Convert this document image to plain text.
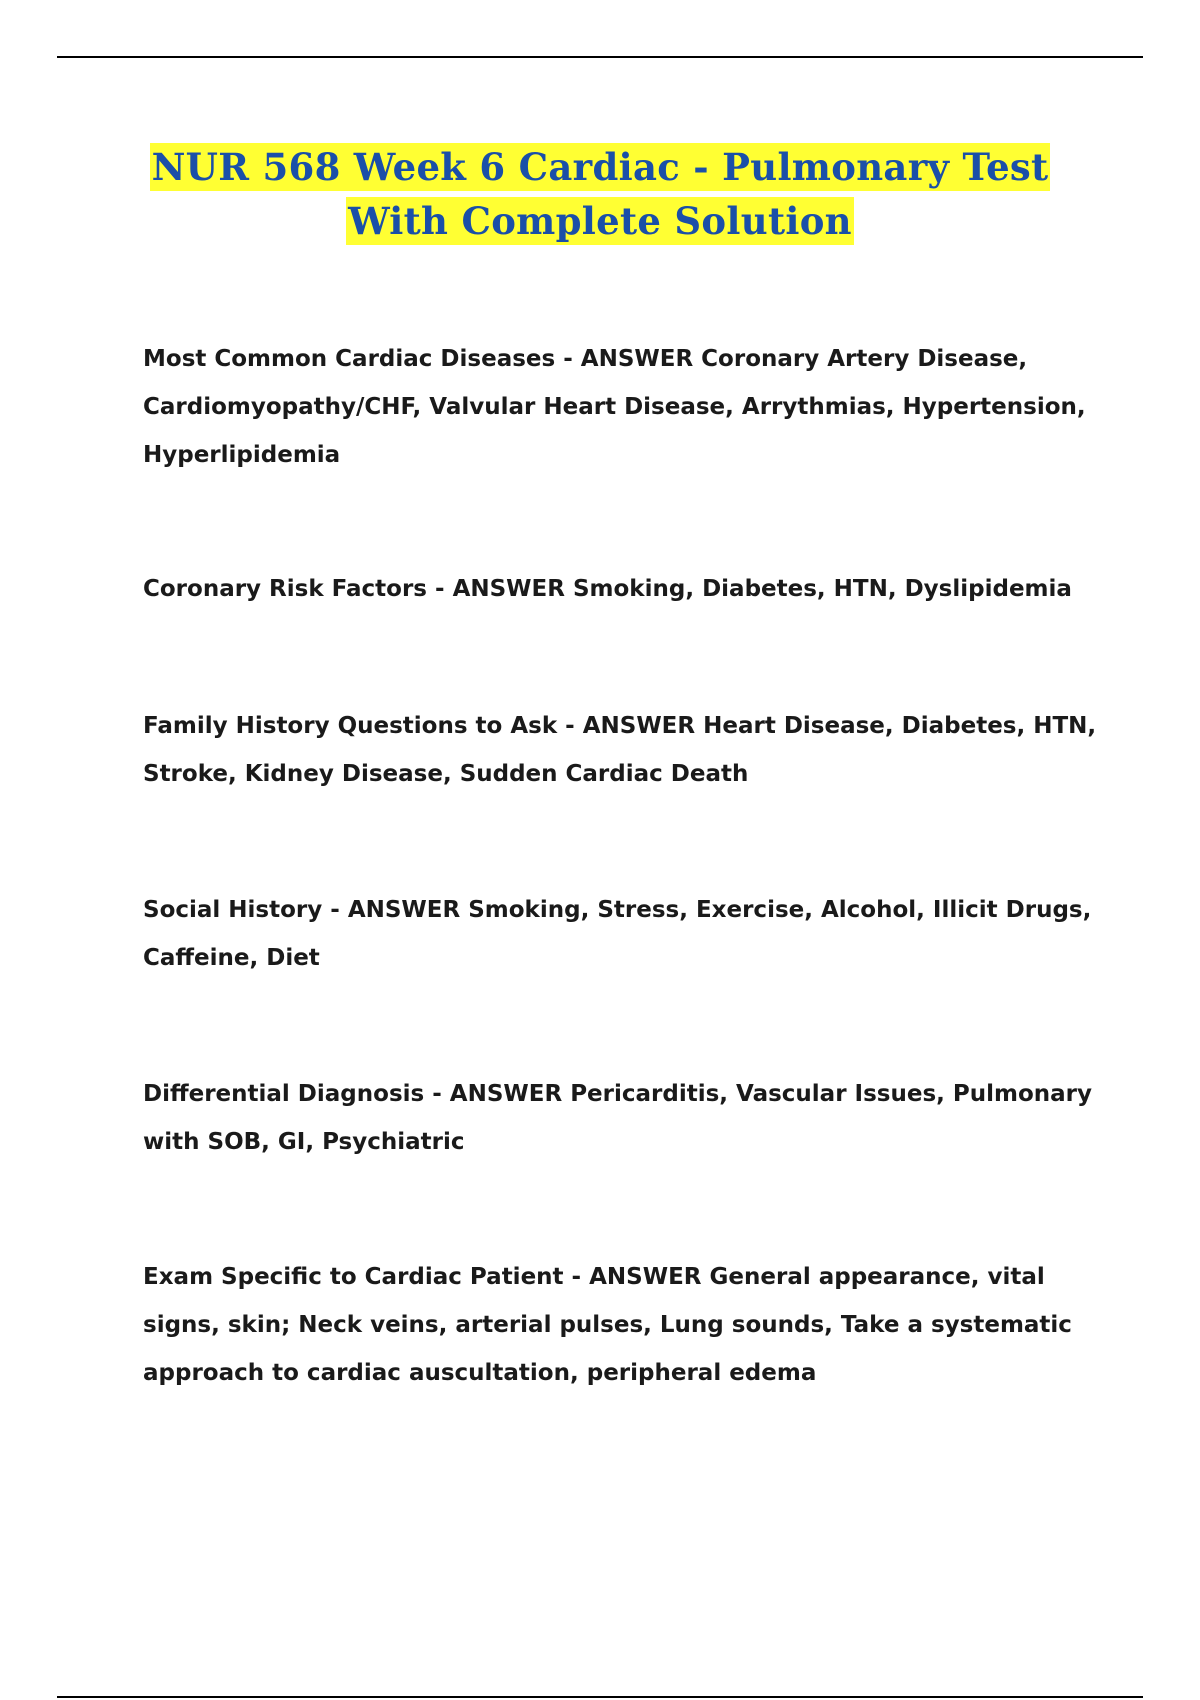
NUR 568 Week 6 Cardiac - Pulmonary Test
With Complete Solution

Most Common Cardiac Diseases - ANSWER Coronary Artery Disease, Cardiomyopathy/CHF, Valvular Heart Disease, Arrythmias, Hypertension, Hyperlipidemia

Coronary Risk Factors - ANSWER Smoking, Diabetes, HTN, Dyslipidemia

Family History Questions to Ask - ANSWER Heart Disease, Diabetes, HTN, Stroke, Kidney Disease, Sudden Cardiac Death

Social History - ANSWER Smoking, Stress, Exercise, Alcohol, Illicit Drugs, Caffeine, Diet

Differential Diagnosis - ANSWER Pericarditis, Vascular Issues, Pulmonary with SOB, GI, Psychiatric

Exam Specific to Cardiac Patient - ANSWER General appearance, vital signs, skin; Neck veins, arterial pulses, Lung sounds, Take a systematic approach to cardiac auscultation, peripheral edema
